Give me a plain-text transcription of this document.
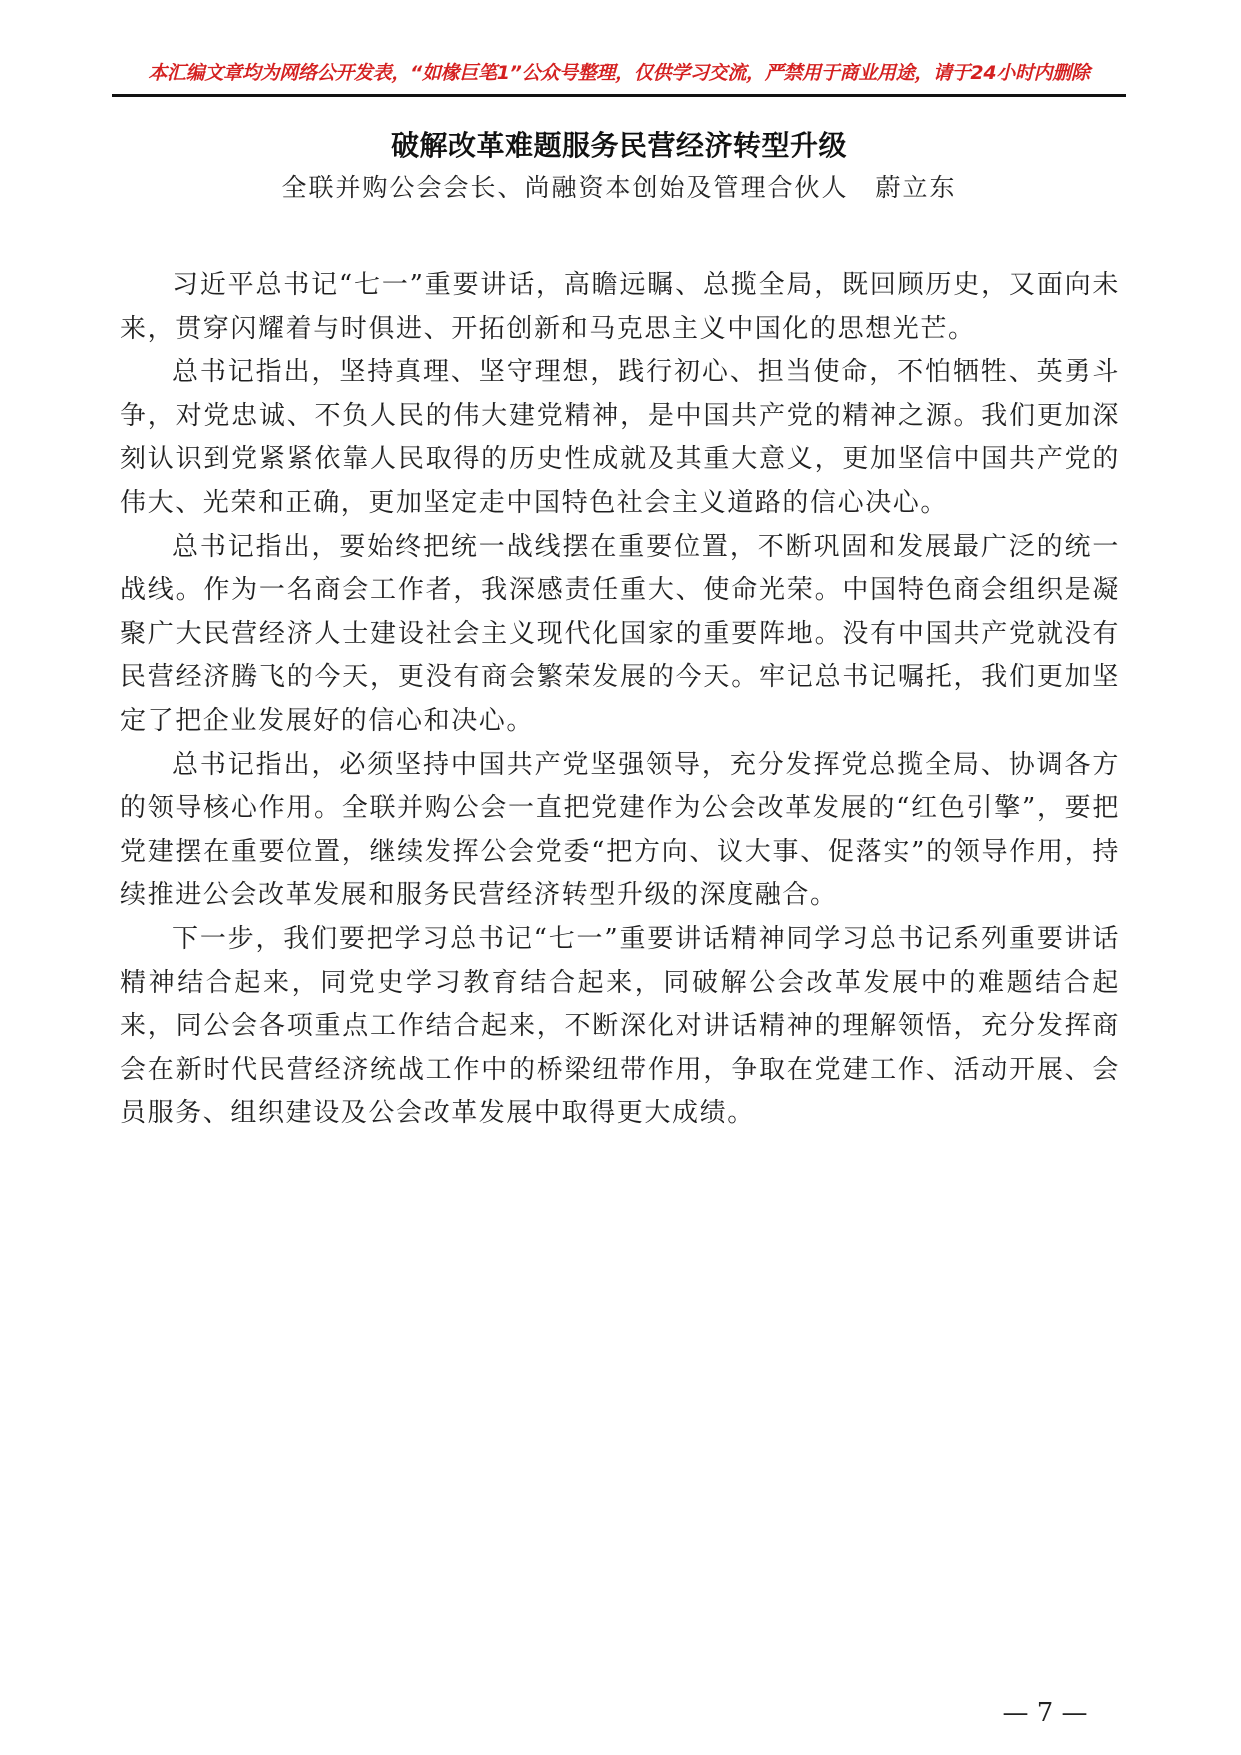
本汇编文章均为网络公开发表，“如椽巨笔1”公众号整理，仅供学习交流，严禁用于商业用途，请于24小时内删除
破解改革难题服务民营经济转型升级
全联并购公会会长、尚融资本创始及管理合伙人　蔚立东

习近平总书记“七一”重要讲话，高瞻远瞩、总揽全局，既回顾历史，又面向未来，贯穿闪耀着与时俱进、开拓创新和马克思主义中国化的思想光芒。

总书记指出，坚持真理、坚守理想，践行初心、担当使命，不怕牺牲、英勇斗争，对党忠诚、不负人民的伟大建党精神，是中国共产党的精神之源。我们更加深刻认识到党紧紧依靠人民取得的历史性成就及其重大意义，更加坚信中国共产党的伟大、光荣和正确，更加坚定走中国特色社会主义道路的信心决心。

总书记指出，要始终把统一战线摆在重要位置，不断巩固和发展最广泛的统一战线。作为一名商会工作者，我深感责任重大、使命光荣。中国特色商会组织是凝聚广大民营经济人士建设社会主义现代化国家的重要阵地。没有中国共产党就没有民营经济腾飞的今天，更没有商会繁荣发展的今天。牢记总书记嘱托，我们更加坚定了把企业发展好的信心和决心。

总书记指出，必须坚持中国共产党坚强领导，充分发挥党总揽全局、协调各方的领导核心作用。全联并购公会一直把党建作为公会改革发展的“红色引擎”，要把党建摆在重要位置，继续发挥公会党委“把方向、议大事、促落实”的领导作用，持续推进公会改革发展和服务民营经济转型升级的深度融合。

下一步，我们要把学习总书记“七一”重要讲话精神同学习总书记系列重要讲话精神结合起来，同党史学习教育结合起来，同破解公会改革发展中的难题结合起来，同公会各项重点工作结合起来，不断深化对讲话精神的理解领悟，充分发挥商会在新时代民营经济统战工作中的桥梁纽带作用，争取在党建工作、活动开展、会员服务、组织建设及公会改革发展中取得更大成绩。

— 7 —
